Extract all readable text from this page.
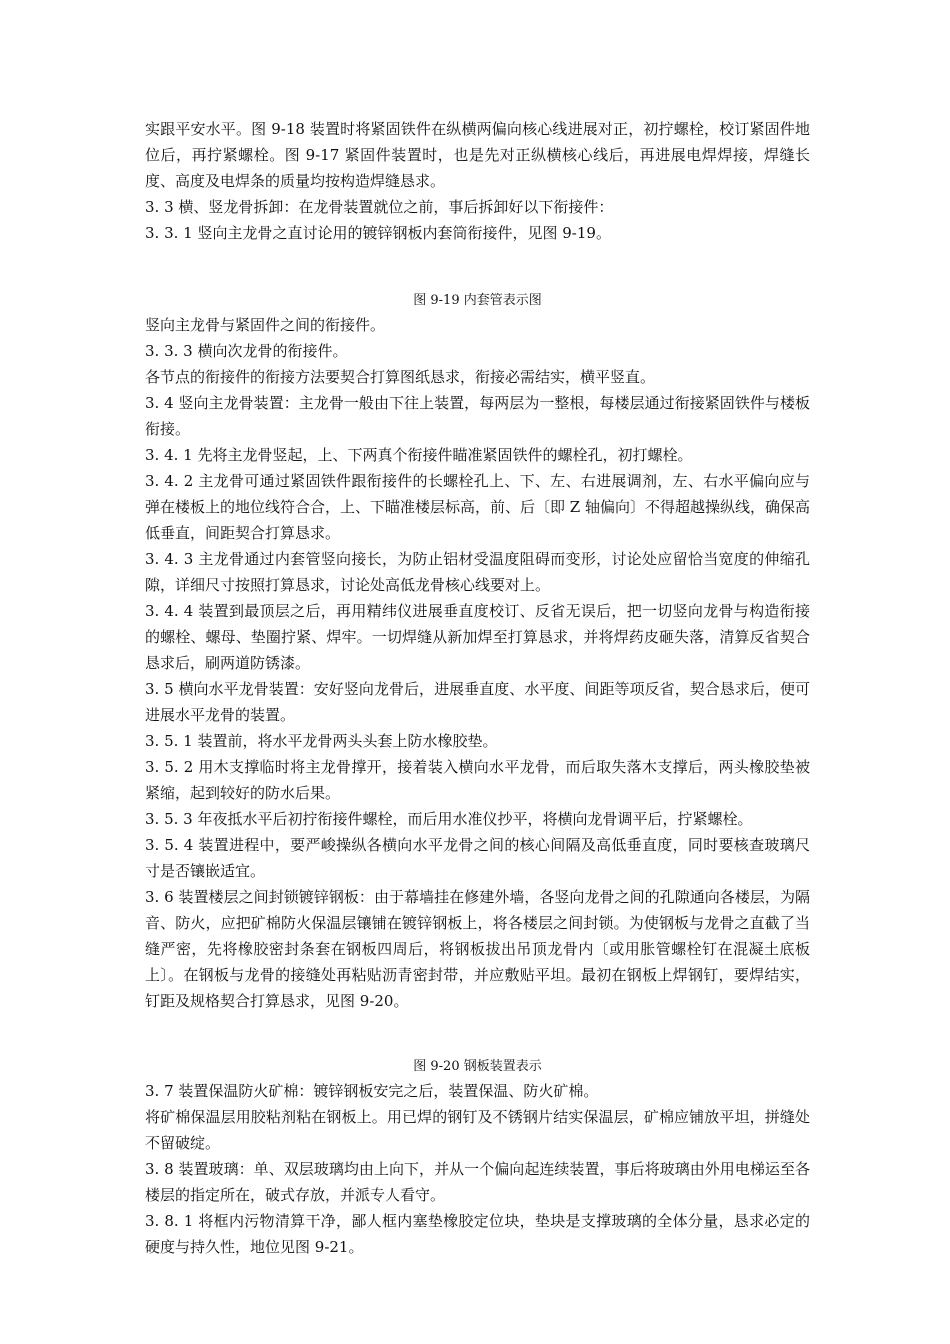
实跟平安水平。图 9-18 装置时将紧固铁件在纵横两偏向核心线进展对正，初拧螺栓，校订紧固件地位后，再拧紧螺栓。图 9-17 紧固件装置时，也是先对正纵横核心线后，再进展电焊焊接，焊缝长度、高度及电焊条的质量均按构造焊缝恳求。

3. 3 横、竖龙骨拆卸：在龙骨装置就位之前，事后拆卸好以下衔接件：

3. 3. 1 竖向主龙骨之直讨论用的镀锌钢板内套筒衔接件，见图 9-19。

图 9-19 内套管表示图

竖向主龙骨与紧固件之间的衔接件。

3. 3. 3 横向次龙骨的衔接件。

各节点的衔接件的衔接方法要契合打算图纸恳求，衔接必需结实，横平竖直。

3. 4 竖向主龙骨装置：主龙骨一般由下往上装置，每两层为一整根，每楼层通过衔接紧固铁件与楼板衔接。

3. 4. 1 先将主龙骨竖起，上、下两真个衔接件瞄准紧固铁件的螺栓孔，初打螺栓。

3. 4. 2 主龙骨可通过紧固铁件跟衔接件的长螺栓孔上、下、左、右进展调剂，左、右水平偏向应与弹在楼板上的地位线符合合，上、下瞄准楼层标高，前、后〔即 Z 轴偏向〕不得超越操纵线，确保高低垂直，间距契合打算恳求。

3. 4. 3 主龙骨通过内套管竖向接长，为防止铝材受温度阻碍而变形，讨论处应留恰当宽度的伸缩孔隙，详细尺寸按照打算恳求，讨论处高低龙骨核心线要对上。

3. 4. 4 装置到最顶层之后，再用精纬仪进展垂直度校订、反省无误后，把一切竖向龙骨与构造衔接的螺栓、螺母、垫圈拧紧、焊牢。一切焊缝从新加焊至打算恳求，并将焊药皮砸失落，清算反省契合恳求后，刷两道防锈漆。

3. 5 横向水平龙骨装置：安好竖向龙骨后，进展垂直度、水平度、间距等项反省，契合恳求后，便可进展水平龙骨的装置。

3. 5. 1 装置前，将水平龙骨两头头套上防水橡胶垫。

3. 5. 2 用木支撑临时将主龙骨撑开，接着装入横向水平龙骨，而后取失落木支撑后，两头橡胶垫被紧缩，起到较好的防水后果。

3. 5. 3 年夜抵水平后初拧衔接件螺栓，而后用水准仪抄平，将横向龙骨调平后，拧紧螺栓。

3. 5. 4 装置进程中，要严峻操纵各横向水平龙骨之间的核心间隔及高低垂直度，同时要核查玻璃尺寸是否镶嵌适宜。

3. 6 装置楼层之间封锁镀锌钢板：由于幕墙挂在修建外墙，各竖向龙骨之间的孔隙通向各楼层，为隔音、防火，应把矿棉防火保温层镶铺在镀锌钢板上，将各楼层之间封锁。为使钢板与龙骨之直截了当缝严密，先将橡胶密封条套在钢板四周后，将钢板拔出吊顶龙骨内〔或用胀管螺栓钉在混凝土底板上〕。在钢板与龙骨的接缝处再粘贴沥青密封带，并应敷贴平坦。最初在钢板上焊钢钉，要焊结实，钉距及规格契合打算恳求，见图 9-20。

图 9-20 钢板装置表示

3. 7 装置保温防火矿棉：镀锌钢板安完之后，装置保温、防火矿棉。

将矿棉保温层用胶粘剂粘在钢板上。用已焊的钢钉及不锈钢片结实保温层，矿棉应铺放平坦，拼缝处不留破绽。

3. 8 装置玻璃：单、双层玻璃均由上向下，并从一个偏向起连续装置，事后将玻璃由外用电梯运至各楼层的指定所在，破式存放，并派专人看守。

3. 8. 1 将框内污物清算干净，鄙人框内塞垫橡胶定位块，垫块是支撑玻璃的全体分量，恳求必定的硬度与持久性，地位见图 9-21。
